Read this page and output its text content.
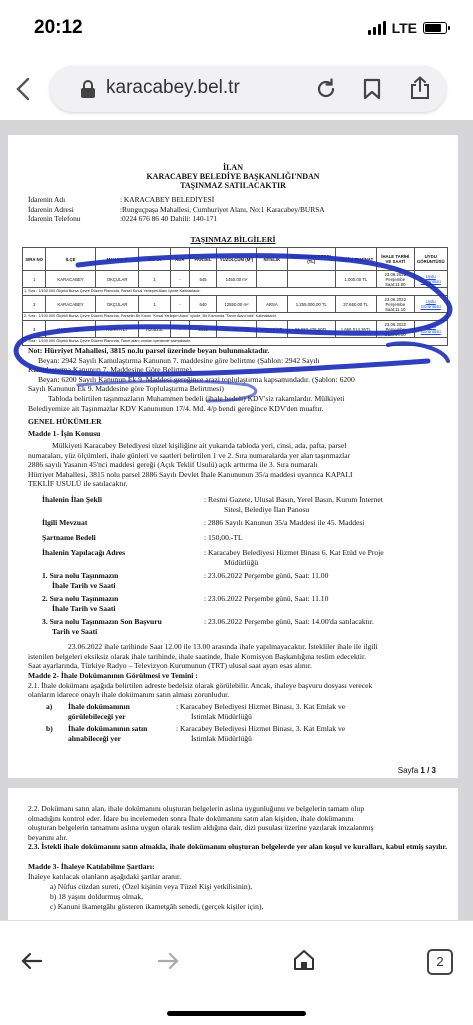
20:12	LTE
karacabey.bel.tr
İLAN
KARACABEY BELEDİYE BAŞKANLIĞI'NDAN
TAŞINMAZ SATILACAKTIR
İdarenin Adı	: KARACABEY BELEDİYESİ
İdarenin Adresi	:Runguçpaşa Mahallesi, Cumhuriyet Alanı, No:1 Karacabey/BURSA
İdarenin Telefonu	:0224 676 86 40 Dahili: 140-171
TAŞINMAZ BİLGİLERİ
SIRA NO	İLÇE	MAHALLE	PAFTA	ADA	PARSEL	YÜZÖLÇÜM (M²)	NİTELİK	MUHAMMEN BEDEL (TL)	GEÇİCİ TEMİNAT	İHALE TARİHİ VE SAATİ	UYDU GÖRÜNTÜSÜ
1	KARACABEY	OKÇULAR	1	-	545	1450.00 m²			1.000.00 TL	23.06.2022 Perşembe Saat:11.00	Uydu Görüntüsü
1. Sıra : 1/100.000 Ölçekli Bursa Çevre Düzeni Planında, Parsel Kırsal Yerleşim Alanı İçinde Kalmaktadır.											
2	KARACABEY	OKÇULAR	1	-	640	12550.00 m²	ARSA	1.255.000,00 TL	37.650,00 TL	23.06.2022 Perşembe Saat:11.10	Uydu Görüntüsü
2. Sıra : 1/100.000 Ölçekli Bursa Çevre Düzeni Planında, Parselin Bir Kısmı "Kırsal Yerleşim Alanı" içinde, Bir Kısmında "Tarım Alanı"nda" Kalmaktadır.											
3	KARACABEY	HÜRRİYET	H20a23c	-	3815	146.185,47 m²	OTLAKİYE	55.550.478,60TL	1.666.514,36TL	23.06.2022 Perşembe Saat:14.00	Uydu Görüntüsü
3. Sıra : 1/100.000 Ölçekli Bursa Çevre Düzeni Planında, Tarım alanı omrları içerisinde kalmaktadır.											
Not: Hürriyet Mahallesi, 3815 no.lu parsel üzerinde beyan bulunmaktadır.
Beyan: 2942 Sayılı Kamulaştırma Kanunun 7. maddesine göre belirtme (Şablon: 2942 Sayılı
Kamulaştırma Kanunun 7. Maddesine Göre Belirtme)
Beyan: 6200 Sayılı Kanunun Ek 9. Maddesi gereğince arazi toplulaştırma kapsamındadır. (Şablon: 6200
Sayılı Kanunun Ek 9. Maddesine göre Toplulaştırma Belirtmesi)
Tabloda belirtilen taşınmazların Muhammen bedeli (ihale bedeli) KDV'siz rakamlardır. Mülkiyeti
Belediyemize ait Taşınmazlar KDV Kanununun 17/4. Md. 4/p bendi gereğince KDV'den muaftır.
GENEL HÜKÜMLER
Madde 1- İşin Konusu
Mülkiyeti Karacabey Belediyesi tüzel kişiliğine ait yukarıda tabloda yeri, cinsi, ada, pafta, parsel
numaraları, yüz ölçümleri, ihale günleri ve saatleri belirtilen 1 ve 2. Sıra numaralarda yer alan taşınmazlar
2886 sayılı Yasanın 45'nci maddesi gereği (Açık Teklif Usulü) açık arttırma ile 3. Sıra numaralı
Hürriyet Mahallesi, 3815 nolu parsel 2886 Sayılı Devlet İhale Kanununun 35/a maddesi uyarınca KAPALI
TEKLİF USULÜ ile satılacaktır.
İhalenin İlan Şekli	: Resmi Gazete, Ulusal Basın, Yerel Basın, Kurum İnternet
Sitesi, Belediye İlan Panosu
İlgili Mevzuat	: 2886 Sayılı Kanunun 35/a Maddesi ile 45. Maddesi
Şartname Bedeli	: 150,00.-TL
İhalenin Yapılacağı Adres	: Karacabey Belediyesi Hizmet Binası 6. Kat Etüd ve Proje
Müdürlüğü
1. Sıra nolu Taşınmazın	: 23.06.2022 Perşembe günü, Saat: 11.00
İhale Tarih ve Saati
2. Sıra nolu Taşınmazın	: 23.06.2022 Perşembe günü, Saat: 11.10
İhale Tarih ve Saati
3. Sıra nolu Taşınmazın Son Başvuru	: 23.06.2022 Perşembe günü, Saat: 14.00'da satılacaktır.
Tarih ve Saati
23.06.2022 ihale tarihinde Saat 12.00 ile 13.00 arasında ihale yapılmayacaktır. İstekliler ihale ile ilgili
istenilen belgeleri eksiksiz olarak ihale tarihinde, ihale saatinde, İhale Komisyon Başkanlığına teslim edecektir.
Saat ayarlarında, Türkiye Radyo – Televizyon Kurumunun (TRT) ulusal saat ayarı esas alınır.
Madde 2- İhale Dokümanının Görülmesi ve Temini :
2.1. İhale dokümanı aşağıda belirtilen adreste bedelsiz olarak görülebilir. Ancak, ihaleye başvuru dosyası verecek
olanların idarece onaylı ihale dokümanını satın alması zorunludur.
a) İhale dokümanının
görülebileceği yer
: Karacabey Belediyesi Hizmet Binası, 3. Kat Emlak ve
İstimlak Müdürlüğü
b) İhale dokümanının satın
alınabileceği yer
: Karacabey Belediyesi Hizmet Binası, 3. Kat Emlak ve
İstimlak Müdürlüğü
Sayfa 1 / 3
2.2. Dokümanı satın alan, ihale dokümanını oluşturan belgelerin aslına uygunluğunu ve belgelerin tamam olup
olmadığını kontrol eder. İdare bu incelemeden sonra İhale dokümanını satın alan kişiden, ihale dokümanını
oluşturan belgelerin tamamını aslına uygun olarak teslim aldığına dair, dizi pusulası üzerine yazılarak imzalanmış
beyanını alır.
2.3. İstekli ihale dokümanını satın almakla, ihale dokümanını oluşturan belgelerde yer alan koşul ve kuralları, kabul etmiş sayılır.
Madde 3- İhaleye Katılabilme Şartları:
İhaleye katılacak olanların aşağıdaki şartlar aranır.
a) Nüfus cüzdan sureti, (Özel kişinin veya Tüzel Kişi yetkilisinin),
b) 18 yaşını doldurmuş olmak,
c) Kanuni ikametgâhı gösteren ikametgâh senedi, (gerçek kişiler için),
2
